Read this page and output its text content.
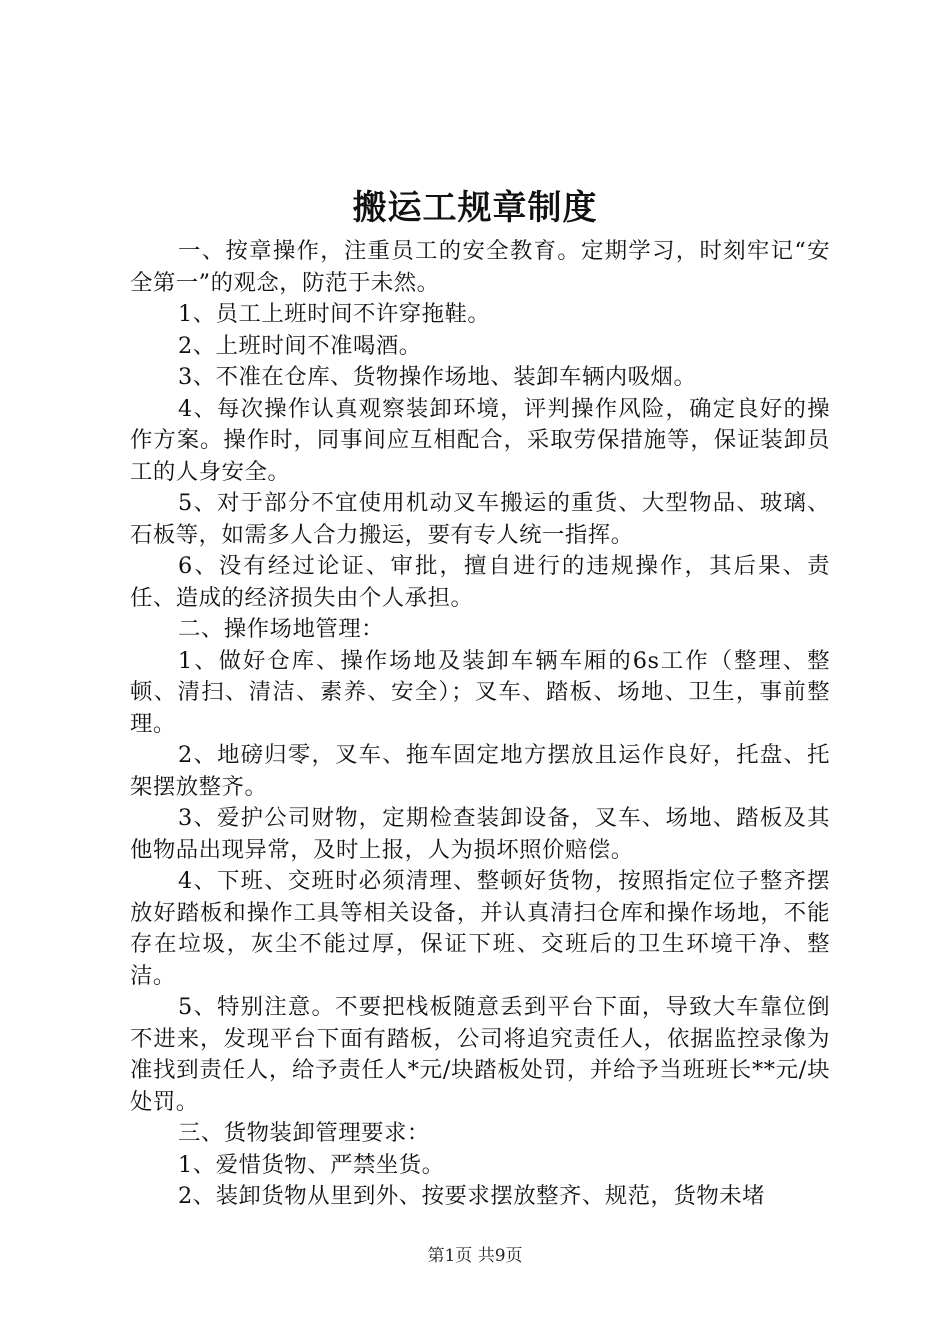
搬运工规章制度

一、按章操作，注重员工的安全教育。定期学习，时刻牢记“安全第一”的观念，防范于未然。

1、员工上班时间不许穿拖鞋。

2、上班时间不准喝酒。

3、不准在仓库、货物操作场地、装卸车辆内吸烟。

4、每次操作认真观察装卸环境，评判操作风险，确定良好的操作方案。操作时，同事间应互相配合，采取劳保措施等，保证装卸员工的人身安全。

5、对于部分不宜使用机动叉车搬运的重货、大型物品、玻璃、石板等，如需多人合力搬运，要有专人统一指挥。

6、没有经过论证、审批，擅自进行的违规操作，其后果、责任、造成的经济损失由个人承担。

二、操作场地管理：

1、做好仓库、操作场地及装卸车辆车厢的6s工作（整理、整顿、清扫、清洁、素养、安全）；叉车、踏板、场地、卫生，事前整理。

2、地磅归零，叉车、拖车固定地方摆放且运作良好，托盘、托架摆放整齐。

3、爱护公司财物，定期检查装卸设备，叉车、场地、踏板及其他物品出现异常，及时上报，人为损坏照价赔偿。

4、下班、交班时必须清理、整顿好货物，按照指定位子整齐摆放好踏板和操作工具等相关设备，并认真清扫仓库和操作场地，不能存在垃圾，灰尘不能过厚，保证下班、交班后的卫生环境干净、整洁。

5、特别注意。不要把栈板随意丢到平台下面，导致大车靠位倒不进来，发现平台下面有踏板，公司将追究责任人，依据监控录像为准找到责任人，给予责任人*元/块踏板处罚，并给予当班班长**元/块处罚。

三、货物装卸管理要求：

1、爱惜货物、严禁坐货。

2、装卸货物从里到外、按要求摆放整齐、规范，货物未堵

第1页 共9页
